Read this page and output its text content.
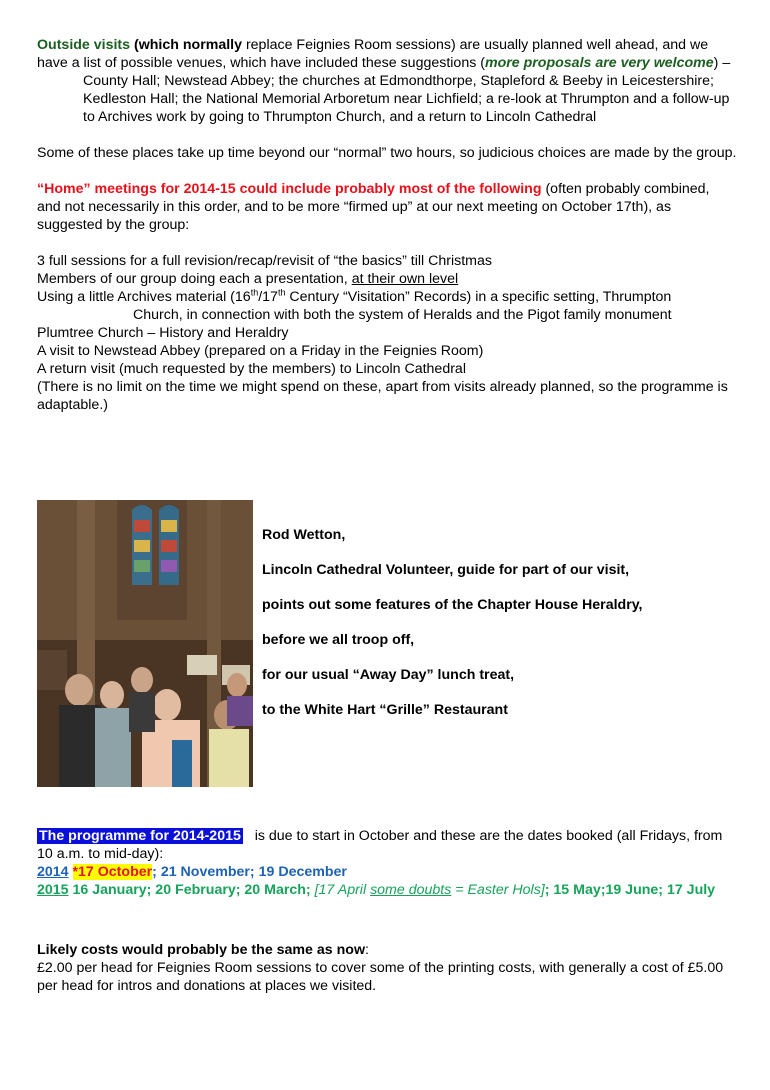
Outside visits (which normally replace Feignies Room sessions) are usually planned well ahead, and we have a list of possible venues, which have included these suggestions (more proposals are very welcome) –

County Hall; Newstead Abbey; the churches at Edmondthorpe, Stapleford & Beeby in Leicestershire; Kedleston Hall; the National Memorial Arboretum near Lichfield; a re-look at Thrumpton and a follow-up to Archives work by going to Thrumpton Church, and a return to Lincoln Cathedral

Some of these places take up time beyond our “normal” two hours, so judicious choices are made by the group.

“Home” meetings for 2014-15 could include probably most of the following (often probably combined, and not necessarily in this order, and to be more “firmed up” at our next meeting on October 17th), as suggested by the group:

3 full sessions for a full revision/recap/revisit of “the basics” till Christmas

Members of our group doing each a presentation, at their own level

Using a little Archives material (16th/17th Century “Visitation” Records) in a specific setting, Thrumpton

Church, in connection with both the system of Heralds and the Pigot family monument

Plumtree Church – History and Heraldry

A visit to Newstead Abbey (prepared on a Friday in the Feignies Room)

A return visit (much requested by the members) to Lincoln Cathedral

(There is no limit on the time we might spend on these, apart from visits already planned, so the programme is adaptable.)

Rod Wetton,

Lincoln Cathedral Volunteer, guide for part of our visit,

points out some features of the Chapter House Heraldry,

before we all troop off,

for our usual “Away Day” lunch treat,

to the White Hart “Grille” Restaurant

The programme for 2014-2015   is due to start in October and these are the dates booked (all Fridays, from 10 a.m. to mid-day):

2014 *17 October; 21 November; 19 December

2015 16 January; 20 February; 20 March; [17 April some doubts = Easter Hols]; 15 May;19 June; 17 July

Likely costs would probably be the same as now:

£2.00 per head for Feignies Room sessions to cover some of the printing costs, with generally a cost of £5.00 per head for intros and donations at places we visited.
